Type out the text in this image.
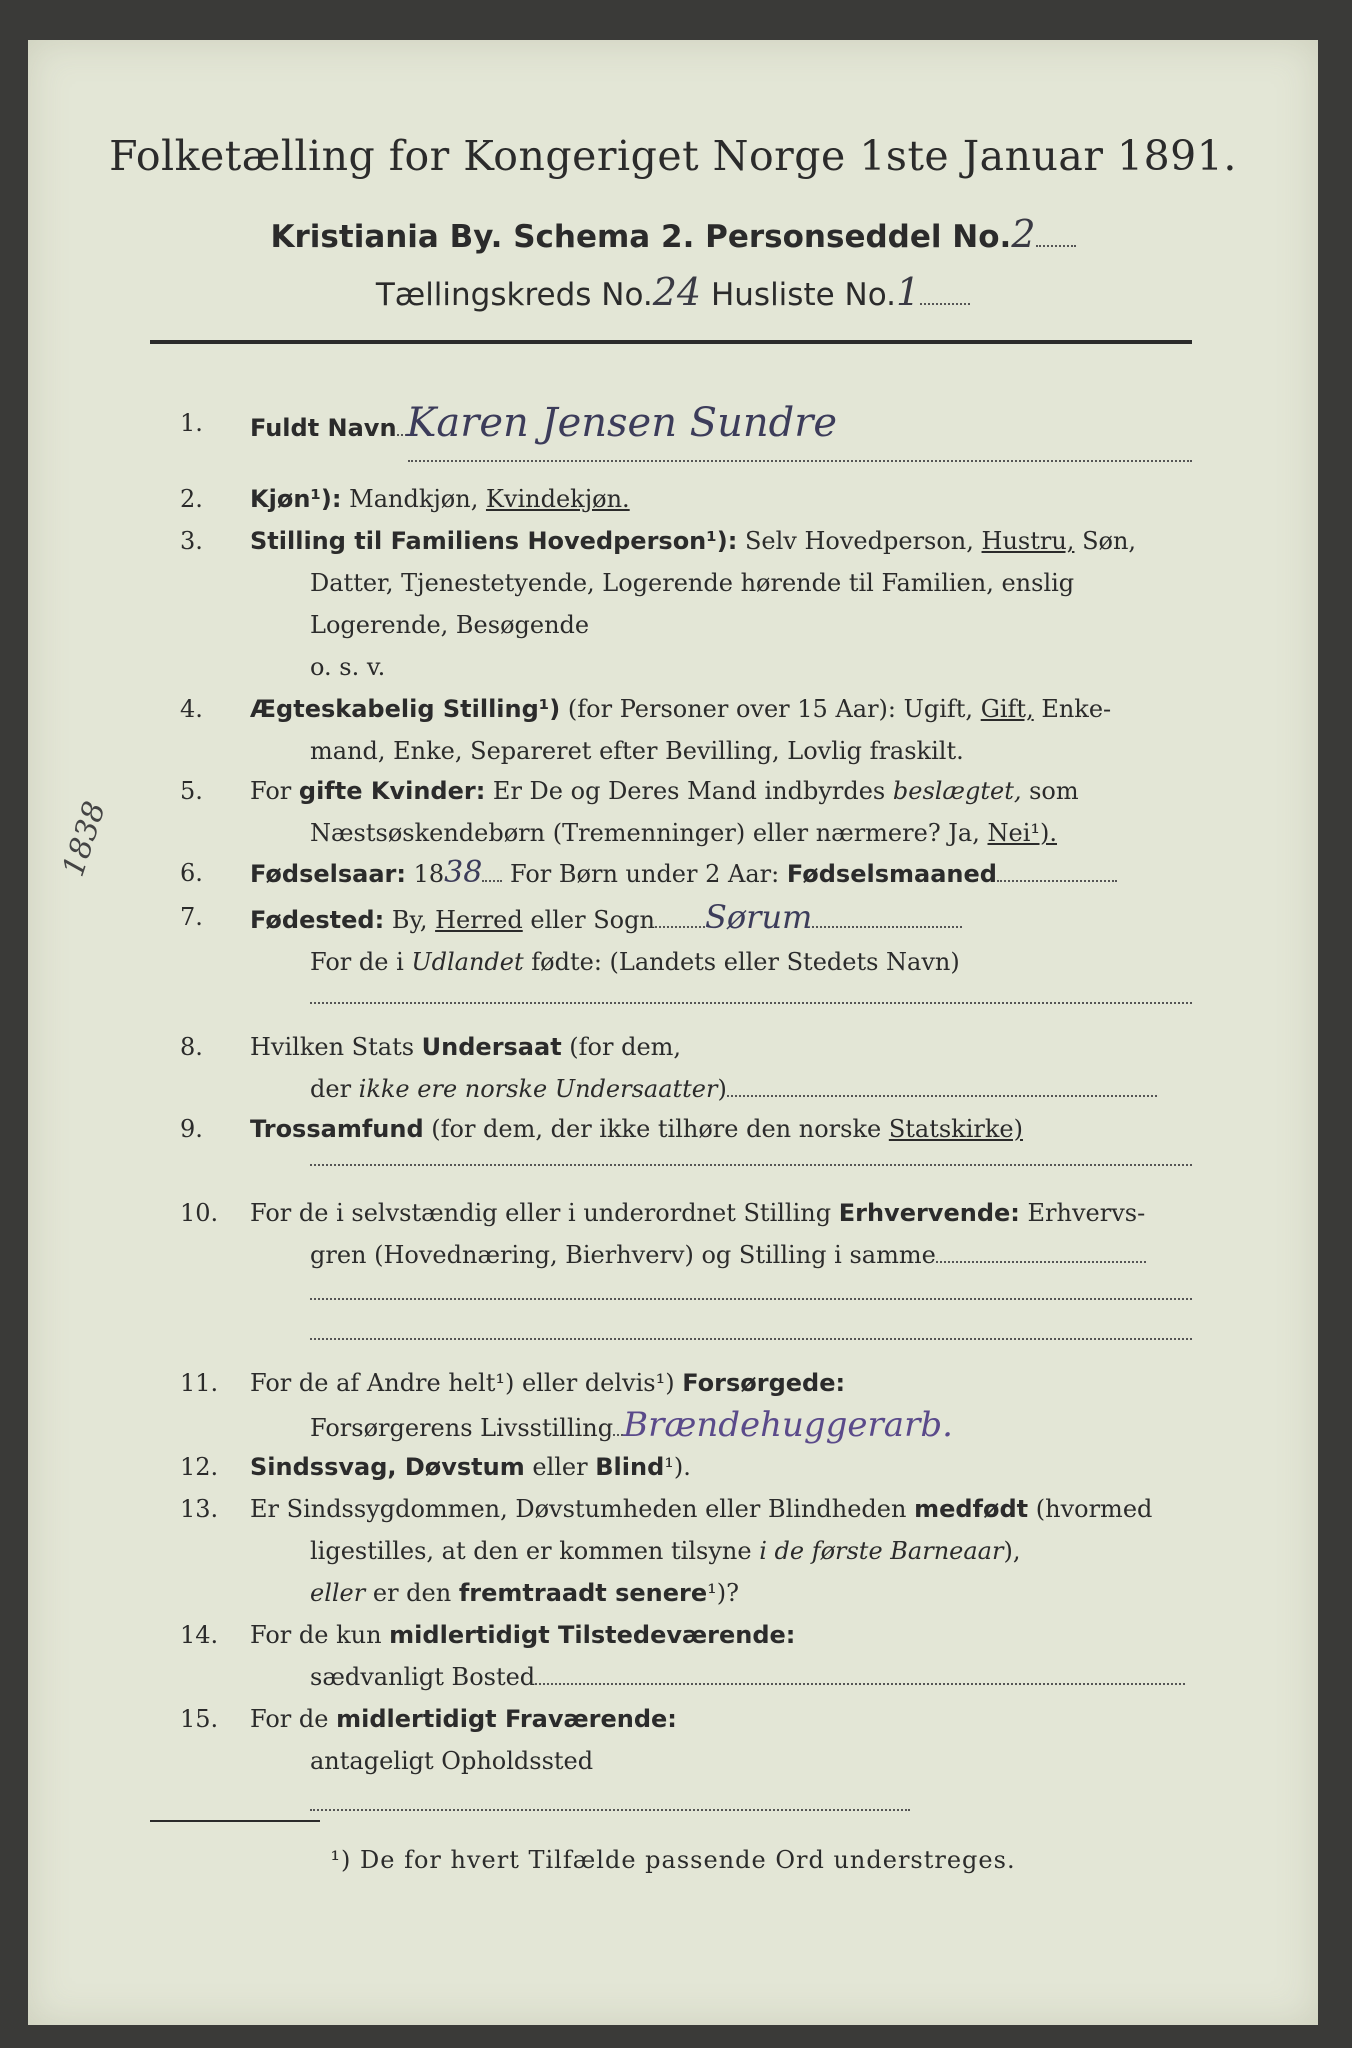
Folketælling for Kongeriget Norge 1ste Januar 1891.
Kristiania By. Schema 2. Personseddel No.2
Tællingskreds No.24 Husliste No.1
1838
1.	Fuldt Navn Karen Jensen Sundre
2.	Kjøn¹): Mandkjøn, Kvindekjøn.
3.	Stilling til Familiens Hovedperson¹): Selv Hovedperson, Hustru, Søn,
Datter, Tjenestetyende, Logerende hørende til Familien, enslig
Logerende, Besøgende
o. s. v.
4.	Ægteskabelig Stilling¹) (for Personer over 15 Aar): Ugift, Gift, Enke-
mand, Enke, Separeret efter Bevilling, Lovlig fraskilt.
5.	For gifte Kvinder: Er De og Deres Mand indbyrdes beslægtet, som
Næstsøskendebørn (Tremenninger) eller nærmere? Ja, Nei¹).
6.	Fødselsaar: 1838 For Børn under 2 Aar: Fødselsmaaned
7.	Fødested: By, Herred eller Sogn Sørum
For de i Udlandet fødte: (Landets eller Stedets Navn)
8.	Hvilken Stats Undersaat (for dem,
der ikke ere norske Undersaatter)
9.	Trossamfund (for dem, der ikke tilhøre den norske Statskirke)
10.	For de i selvstændig eller i underordnet Stilling Erhvervende: Erhvervs-
gren (Hovednæring, Bierhverv) og Stilling i samme
11.	For de af Andre helt¹) eller delvis¹) Forsørgede:
Forsørgerens Livsstilling Brændehuggerarb.
12.	Sindssvag, Døvstum eller Blind¹).
13.	Er Sindssygdommen, Døvstumheden eller Blindheden medfødt (hvormed
ligestilles, at den er kommen tilsyne i de første Barneaar),
eller er den fremtraadt senere¹)?
14.	For de kun midlertidigt Tilstedeværende:
sædvanligt Bosted
15.	For de midlertidigt Fraværende:
antageligt Opholdssted
¹) De for hvert Tilfælde passende Ord understreges.
